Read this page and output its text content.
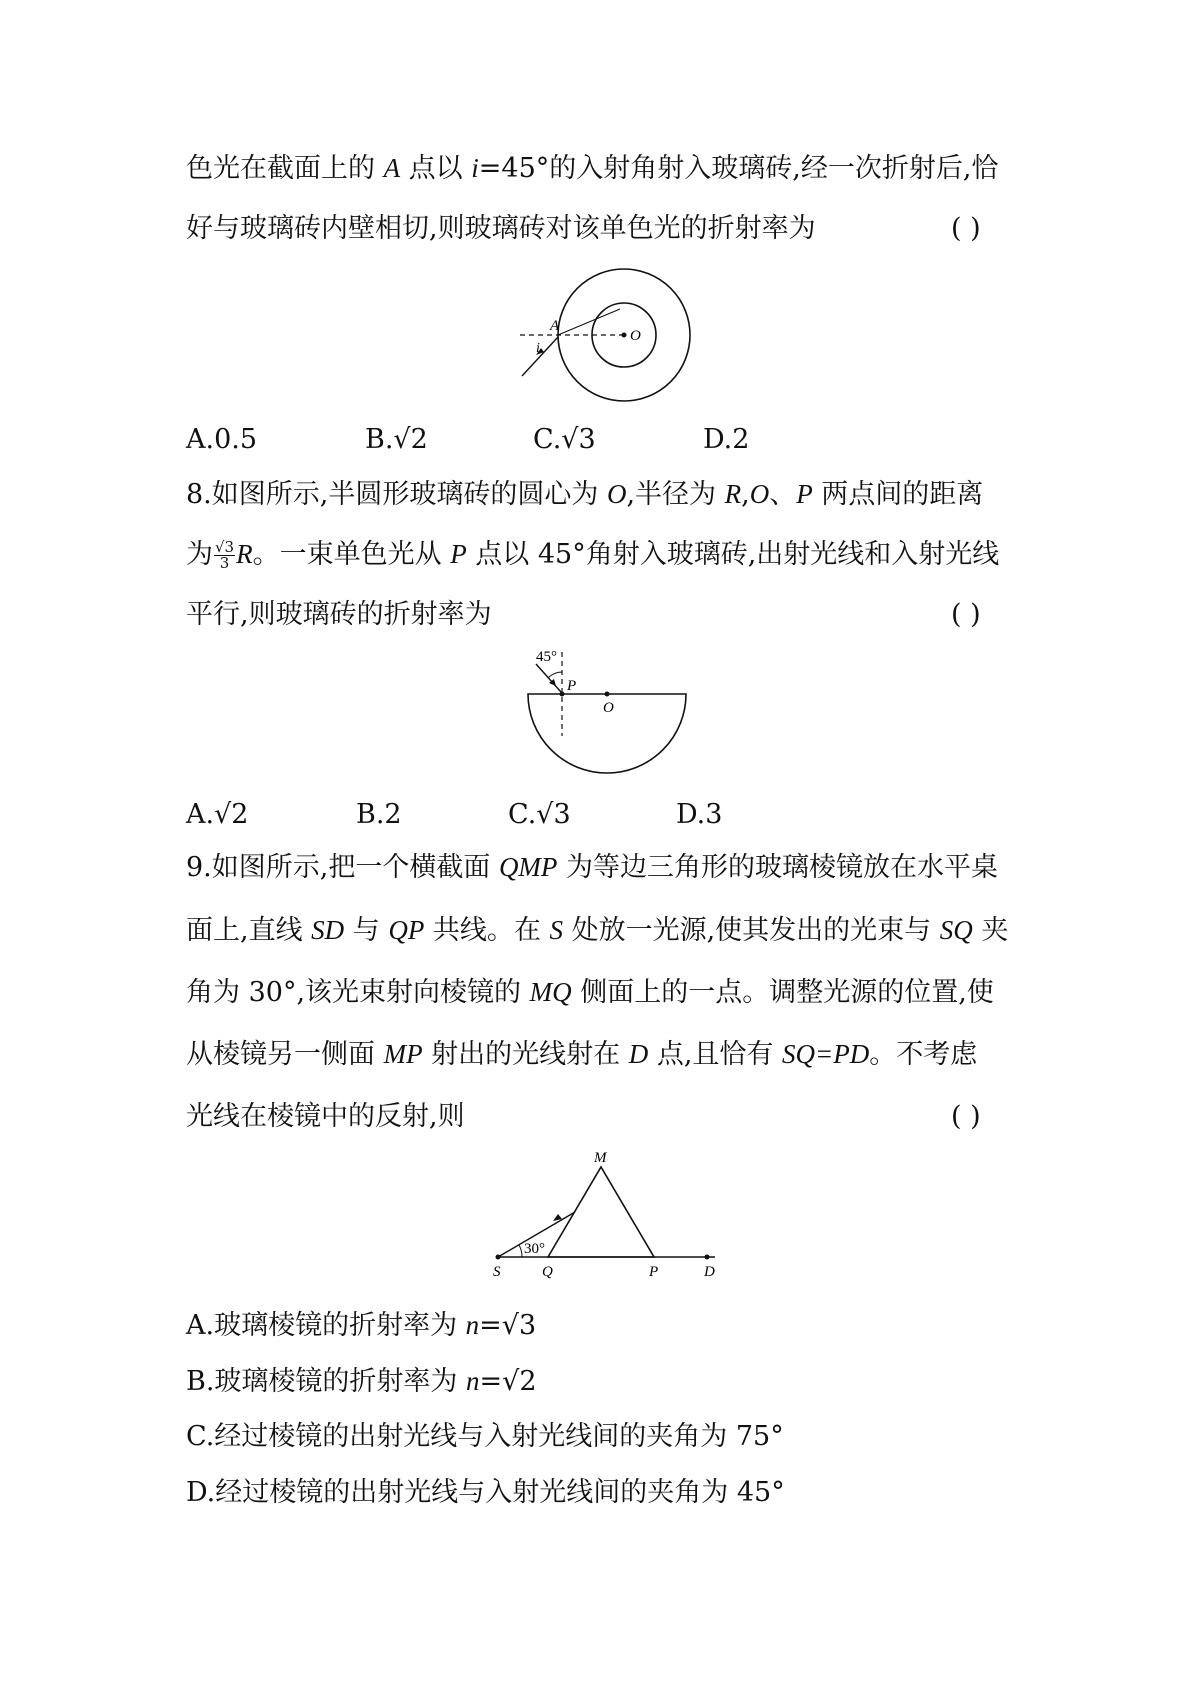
色光在截面上的 A 点以 i=45°的入射角射入玻璃砖,经一次折射后,恰
好与玻璃砖内壁相切,则玻璃砖对该单色光的折射率为	( )
A
i
O
A.0.5	B.√2	C.√3	D.2
8.如图所示,半圆形玻璃砖的圆心为 O,半径为 R,O、P 两点间的距离
为 $\frac{√3}{3}$ R。一束单色光从 P 点以 45°角射入玻璃砖,出射光线和入射光线
平行,则玻璃砖的折射率为	( )
45°
P
O
A.√2	B.2	C.√3	D.3
9.如图所示,把一个横截面 QMP 为等边三角形的玻璃棱镜放在水平桌
面上,直线 SD 与 QP 共线。在 S 处放一光源,使其发出的光束与 SQ 夹
角为 30°,该光束射向棱镜的 MQ 侧面上的一点。调整光源的位置,使
从棱镜另一侧面 MP 射出的光线射在 D 点,且恰有 SQ=PD。不考虑
光线在棱镜中的反射,则	( )
M
30°
S	Q	P	D
A.玻璃棱镜的折射率为 n=√3
B.玻璃棱镜的折射率为 n=√2
C.经过棱镜的出射光线与入射光线间的夹角为 75°
D.经过棱镜的出射光线与入射光线间的夹角为 45°
